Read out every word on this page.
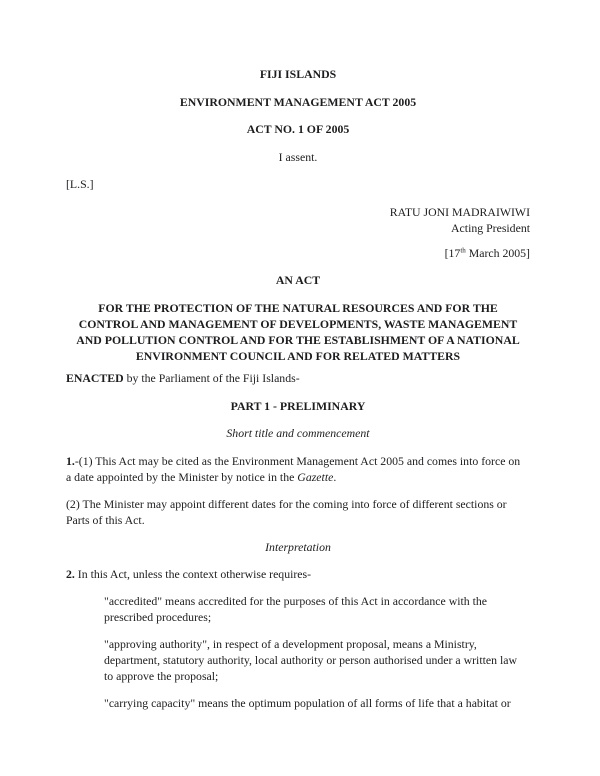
FIJI ISLANDS
ENVIRONMENT MANAGEMENT ACT 2005
ACT NO. 1 OF 2005
I assent.
[L.S.]
RATU JONI MADRAIWIWI
Acting President
[17th March 2005]
AN ACT
FOR THE PROTECTION OF THE NATURAL RESOURCES AND FOR THE
CONTROL AND MANAGEMENT OF DEVELOPMENTS, WASTE MANAGEMENT
AND POLLUTION CONTROL AND FOR THE ESTABLISHMENT OF A NATIONAL
ENVIRONMENT COUNCIL AND FOR RELATED MATTERS
ENACTED by the Parliament of the Fiji Islands-
PART 1 - PRELIMINARY
Short title and commencement
1.-(1) This Act may be cited as the Environment Management Act 2005 and comes into force on
a date appointed by the Minister by notice in the Gazette.
(2) The Minister may appoint different dates for the coming into force of different sections or
Parts of this Act.
Interpretation
2. In this Act, unless the context otherwise requires-
"accredited" means accredited for the purposes of this Act in accordance with the
prescribed procedures;
"approving authority", in respect of a development proposal, means a Ministry,
department, statutory authority, local authority or person authorised under a written law
to approve the proposal;
"carrying capacity" means the optimum population of all forms of life that a habitat or
